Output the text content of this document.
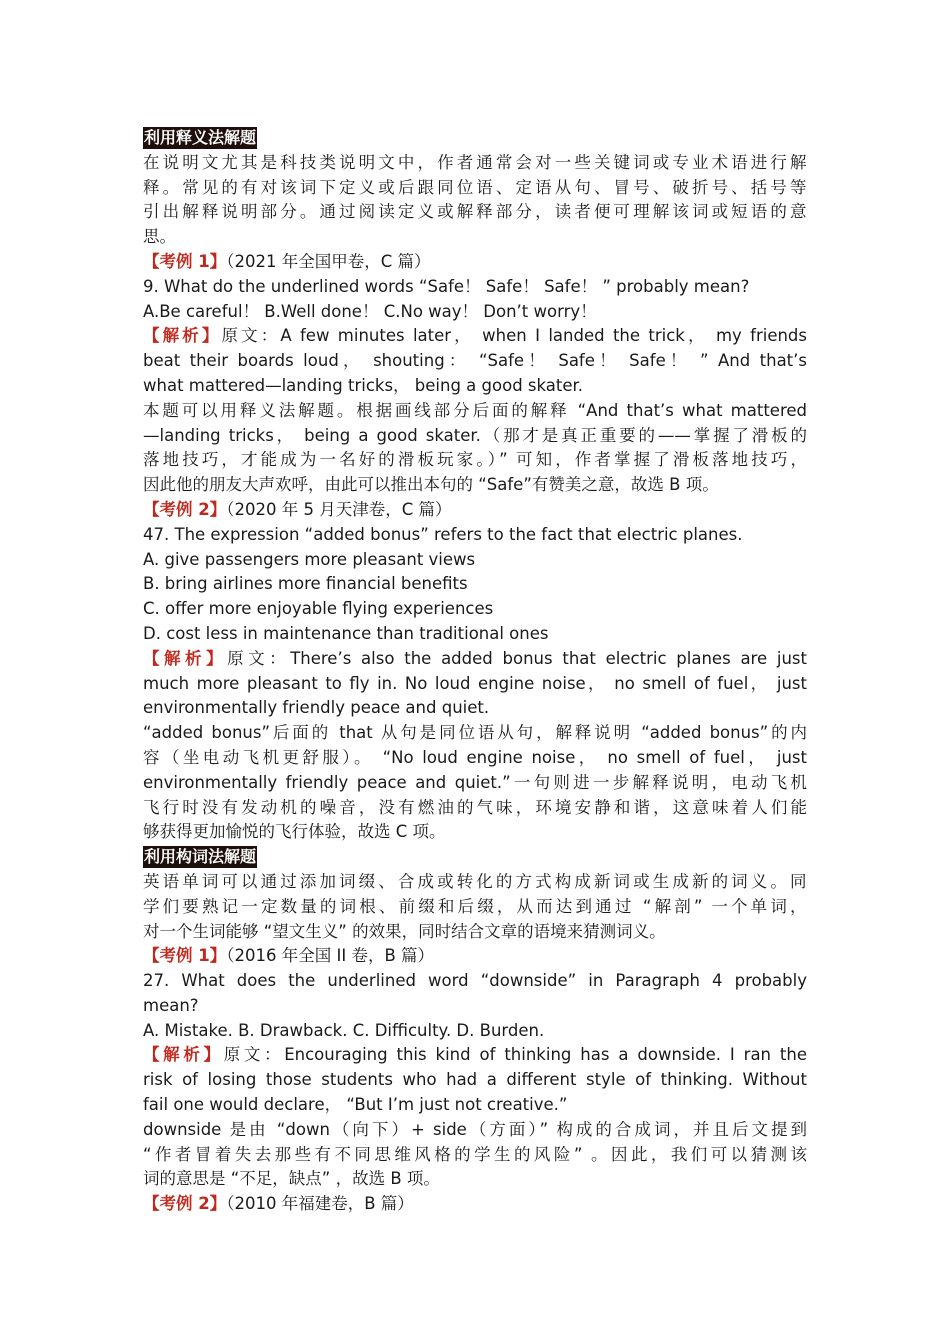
利用释义法解题
在说明文尤其是科技类说明文中，作者通常会对一些关键词或专业术语进行解
释。常见的有对该词下定义或后跟同位语、定语从句、冒号、破折号、括号等
引出解释说明部分。通过阅读定义或解释部分，读者便可理解该词或短语的意
思。
【考例 1】（2021 年全国甲卷，C 篇）
9. What do the underlined words “Safe！ Safe！ Safe！ ” probably mean?
A.Be careful！ B.Well done！ C.No way！ Don’t worry！
【解析】原文：A few minutes later， when I landed the trick， my friends
beat their boards loud， shouting： “Safe！ Safe！ Safe！ ” And that’s
what mattered—landing tricks， being a good skater.
本题可以用释义法解题。根据画线部分后面的解释 “And that’s what mattered
—landing tricks， being a good skater.（那才是真正重要的——掌握了滑板的
落地技巧，才能成为一名好的滑板玩家。）” 可知，作者掌握了滑板落地技巧，
因此他的朋友大声欢呼，由此可以推出本句的 “Safe”有赞美之意，故选 B 项。
【考例 2】（2020 年 5 月天津卷，C 篇）
47. The expression “added bonus” refers to the fact that electric planes.
A. give passengers more pleasant views
B. bring airlines more financial benefits
C. offer more enjoyable flying experiences
D. cost less in maintenance than traditional ones
【解析】原文：There’s also the added bonus that electric planes are just
much more pleasant to fly in. No loud engine noise， no smell of fuel， just
environmentally friendly peace and quiet.
“added bonus”后面的 that 从句是同位语从句，解释说明 “added bonus”的内
容（坐电动飞机更舒服）。 “No loud engine noise， no smell of fuel， just
environmentally friendly peace and quiet.”一句则进一步解释说明，电动飞机
飞行时没有发动机的噪音，没有燃油的气味，环境安静和谐，这意味着人们能
够获得更加愉悦的飞行体验，故选 C 项。
利用构词法解题
英语单词可以通过添加词缀、合成或转化的方式构成新词或生成新的词义。同
学们要熟记一定数量的词根、前缀和后缀，从而达到通过 “解剖” 一个单词，
对一个生词能够 “望文生义” 的效果，同时结合文章的语境来猜测词义。
【考例 1】（2016 年全国 II 卷，B 篇）
27. What does the underlined word “downside” in Paragraph 4 probably
mean?
A. Mistake. B. Drawback. C. Difficulty. D. Burden.
【解析】原文：Encouraging this kind of thinking has a downside. I ran the
risk of losing those students who had a different style of thinking. Without
fail one would declare， “But I’m just not creative.”
downside 是由 “down（向下）+ side（方面）” 构成的合成词，并且后文提到
“作者冒着失去那些有不同思维风格的学生的风险” 。因此，我们可以猜测该
词的意思是 “不足，缺点” ，故选 B 项。
【考例 2】（2010 年福建卷，B 篇）
